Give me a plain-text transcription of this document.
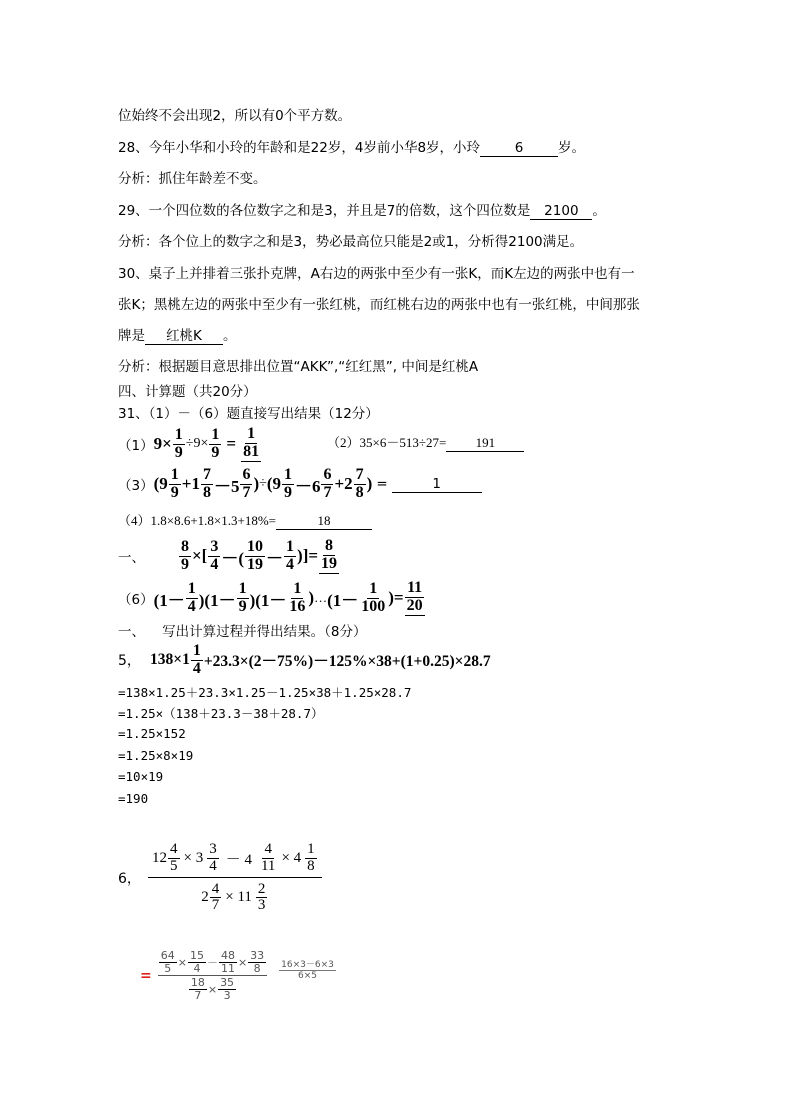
位始终不会出现2，所以有0个平方数。
28、今年小华和小玲的年龄和是22岁，4岁前小华8岁，小玲	6	岁。
分析：抓住年龄差不变。
29、一个四位数的各位数字之和是3，并且是7的倍数，这个四位数是 2100 。
分析：各个位上的数字之和是3，势必最高位只能是2或1，分析得2100满足。
30、桌子上并排着三张扑克牌，A右边的两张中至少有一张K，而K左边的两张中也有一
张K；黑桃左边的两张中至少有一张红桃，而红桃右边的两张中也有一张红桃，中间那张
牌是 红桃K 。
分析：根据题目意思排出位置“AKK”,“红红黑”, 中间是红桃A
四、计算题（共20分）
31、（1）－（6）题直接写出结果（12分）
（1） $9\times \frac{1}{9} \div 9\times \frac{1}{9} = \frac{1}{81}$	（2）35×6－513÷27= 191
（3） ($9 \frac{1}{9} +1 \frac{7}{8} -5 \frac{6}{7}$ ) ÷ ($9 \frac{1}{9} -6 \frac{6}{7} +2 \frac{7}{8}$ ) =	1
（4）1.8×8.6+1.8×1.3+18%=	18
一、	$\frac{8}{9}$ ×[ $\frac{3}{4}$ －( $\frac{10}{19} - \frac{1}{4}$ )]= $\frac{8}{19}$
（6） $(1- \frac{1}{4} )(1- \frac{1}{9} )(1- \frac{1}{16}$ ) … ($1- \frac{1}{100}$ )= $\frac{11}{20}$
一、    写出计算过程并得出结果。（8分）
5， $138\times 1 \frac{1}{4} +23.3\times(2-75\%)-125\%\times 38+(1+0.25)\times 28.7$
=138×1.25＋23.3×1.25－1.25×38＋1.25×28.7
=1.25×（138＋23.3－38＋28.7）
=1.25×152
=1.25×8×19
=10×19
=190
6， $\frac{12 \frac{4}{5} \times 3 \frac{3}{4} - 4 \frac{4}{11} \times 4 \frac{1}{8}}{2 \frac{4}{7} \times 11 \frac{2}{3}}$
= $\frac{\frac{64}{5} \times \frac{15}{4} - \frac{48}{11} \times \frac{33}{8}}{\frac{18}{7} \times \frac{35}{3}} \frac{16\times 3-6\times 3}{6\times 5}$
